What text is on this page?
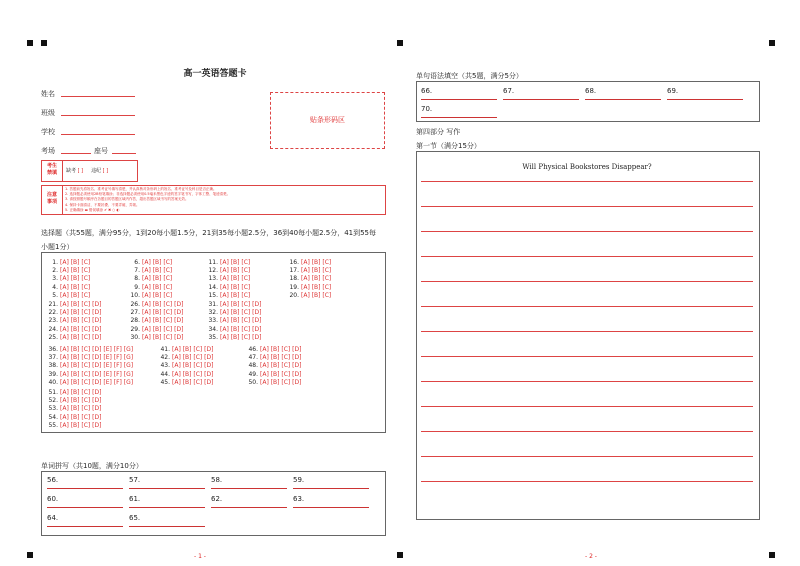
高一英语答题卡
姓名
班级
学校
考场	座号
贴条形码区
考生
禁填	缺考 [ ] 违纪 [ ]
注意
事项
1. 答题前先将姓名、准考证号填写清楚，并认真核对条形码上的姓名、准考证号及科目是否正确。
2. 选择题必须使用2B铅笔填涂；非选择题必须使用0.5毫米黑色字迹的签字笔书写，字体工整、笔迹清楚。
3. 请按照题号顺序在各题目的答题区域内作答，超出答题区域书写的答案无效。
4. 保持卡面清洁，不要折叠、不要弄破、弄皱。
5. 正确填涂 ▬ 错误填涂 ✔ ✖ ○ ◐
选择题（共55题，满分95分，1到20每小题1.5分，21到35每小题2.5分，36到40每小题2.5分，41到55每
小题1分）
1. [A] [B] [C]
2. [A] [B] [C]
3. [A] [B] [C]
4. [A] [B] [C]
5. [A] [B] [C]
6. [A] [B] [C]
7. [A] [B] [C]
8. [A] [B] [C]
9. [A] [B] [C]
10. [A] [B] [C]
11. [A] [B] [C]
12. [A] [B] [C]
13. [A] [B] [C]
14. [A] [B] [C]
15. [A] [B] [C]
16. [A] [B] [C]
17. [A] [B] [C]
18. [A] [B] [C]
19. [A] [B] [C]
20. [A] [B] [C]
21. [A] [B] [C] [D]
22. [A] [B] [C] [D]
23. [A] [B] [C] [D]
24. [A] [B] [C] [D]
25. [A] [B] [C] [D]
26. [A] [B] [C] [D]
27. [A] [B] [C] [D]
28. [A] [B] [C] [D]
29. [A] [B] [C] [D]
30. [A] [B] [C] [D]
31. [A] [B] [C] [D]
32. [A] [B] [C] [D]
33. [A] [B] [C] [D]
34. [A] [B] [C] [D]
35. [A] [B] [C] [D]
36. [A] [B] [C] [D] [E] [F] [G]
37. [A] [B] [C] [D] [E] [F] [G]
38. [A] [B] [C] [D] [E] [F] [G]
39. [A] [B] [C] [D] [E] [F] [G]
40. [A] [B] [C] [D] [E] [F] [G]
41. [A] [B] [C] [D]
42. [A] [B] [C] [D]
43. [A] [B] [C] [D]
44. [A] [B] [C] [D]
45. [A] [B] [C] [D]
46. [A] [B] [C] [D]
47. [A] [B] [C] [D]
48. [A] [B] [C] [D]
49. [A] [B] [C] [D]
50. [A] [B] [C] [D]
51. [A] [B] [C] [D]
52. [A] [B] [C] [D]
53. [A] [B] [C] [D]
54. [A] [B] [C] [D]
55. [A] [B] [C] [D]
单词拼写（共10题，满分10分）
56.	57.	58.	59.
60.	61.	62.	63.
64.	65.
- 1 -
单句语法填空（共5题，满分5分）
66.	67.	68.	69.
70.
第四部分 写作
第一节（满分15分）
Will Physical Bookstores Disappear?
- 2 -
